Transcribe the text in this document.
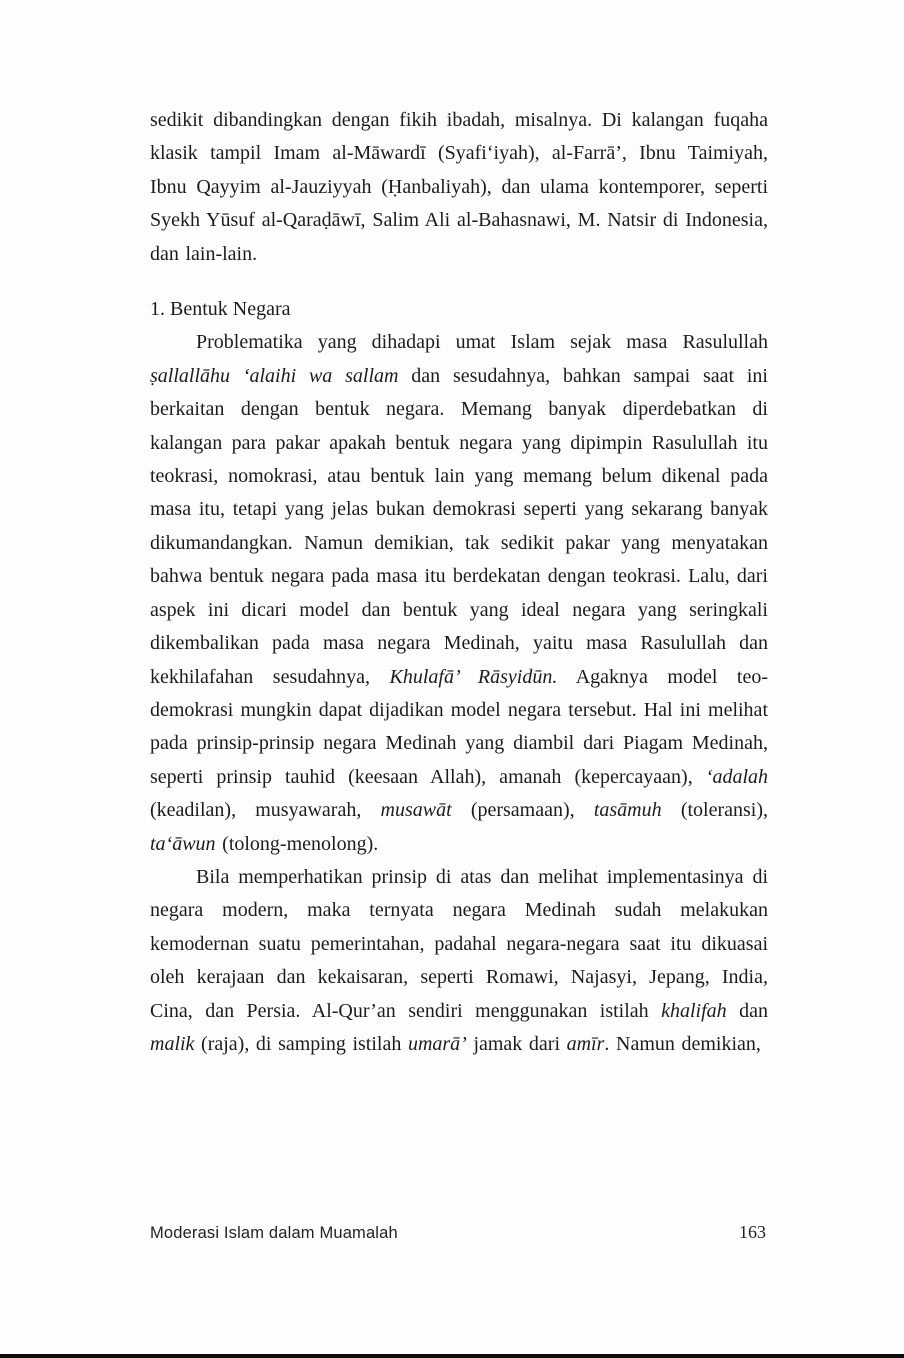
sedikit dibandingkan dengan fikih ibadah, misalnya. Di kalangan fuqaha klasik tampil Imam al-Māwardī (Syafi‘iyah), al-Farrā’, Ibnu Taimiyah, Ibnu Qayyim al-Jauziyyah (Ḥanbaliyah), dan ulama kontemporer, seperti Syekh Yūsuf al-Qaraḍāwī, Salim Ali al-Bahasnawi, M. Natsir di Indonesia, dan lain-lain.

1. Bentuk Negara

Problematika yang dihadapi umat Islam sejak masa Rasulullah ṣallallāhu ‘alaihi wa sallam dan sesudahnya, bahkan sampai saat ini berkaitan dengan bentuk negara. Memang banyak diperdebatkan di kalangan para pakar apakah bentuk negara yang dipimpin Rasulullah itu teokrasi, nomokrasi, atau bentuk lain yang memang belum dikenal pada masa itu, tetapi yang jelas bukan demokrasi seperti yang sekarang banyak dikumandangkan. Namun demikian, tak sedikit pakar yang menyatakan bahwa bentuk negara pada masa itu berdekatan dengan teokrasi. Lalu, dari aspek ini dicari model dan bentuk yang ideal negara yang seringkali dikembalikan pada masa negara Medinah, yaitu masa Rasulullah dan kekhilafahan sesudahnya, Khulafā’ Rāsyidūn. Agaknya model teo-demokrasi mungkin dapat dijadikan model negara tersebut. Hal ini melihat pada prinsip-prinsip negara Medinah yang diambil dari Piagam Medinah, seperti prinsip tauhid (keesaan Allah), amanah (kepercayaan), ‘adalah (keadilan), musyawarah, musawāt (persamaan), tasāmuh (toleransi), ta‘āwun (tolong-menolong).

Bila memperhatikan prinsip di atas dan melihat implementasinya di negara modern, maka ternyata negara Medinah sudah melakukan kemodernan suatu pemerintahan, padahal negara-negara saat itu dikuasai oleh kerajaan dan kekaisaran, seperti Romawi, Najasyi, Jepang, India, Cina, dan Persia. Al-Qur’an sendiri menggunakan istilah khalifah dan malik (raja), di samping istilah umarā’ jamak dari amīr. Namun demikian,

Moderasi Islam dalam Muamalah	163
